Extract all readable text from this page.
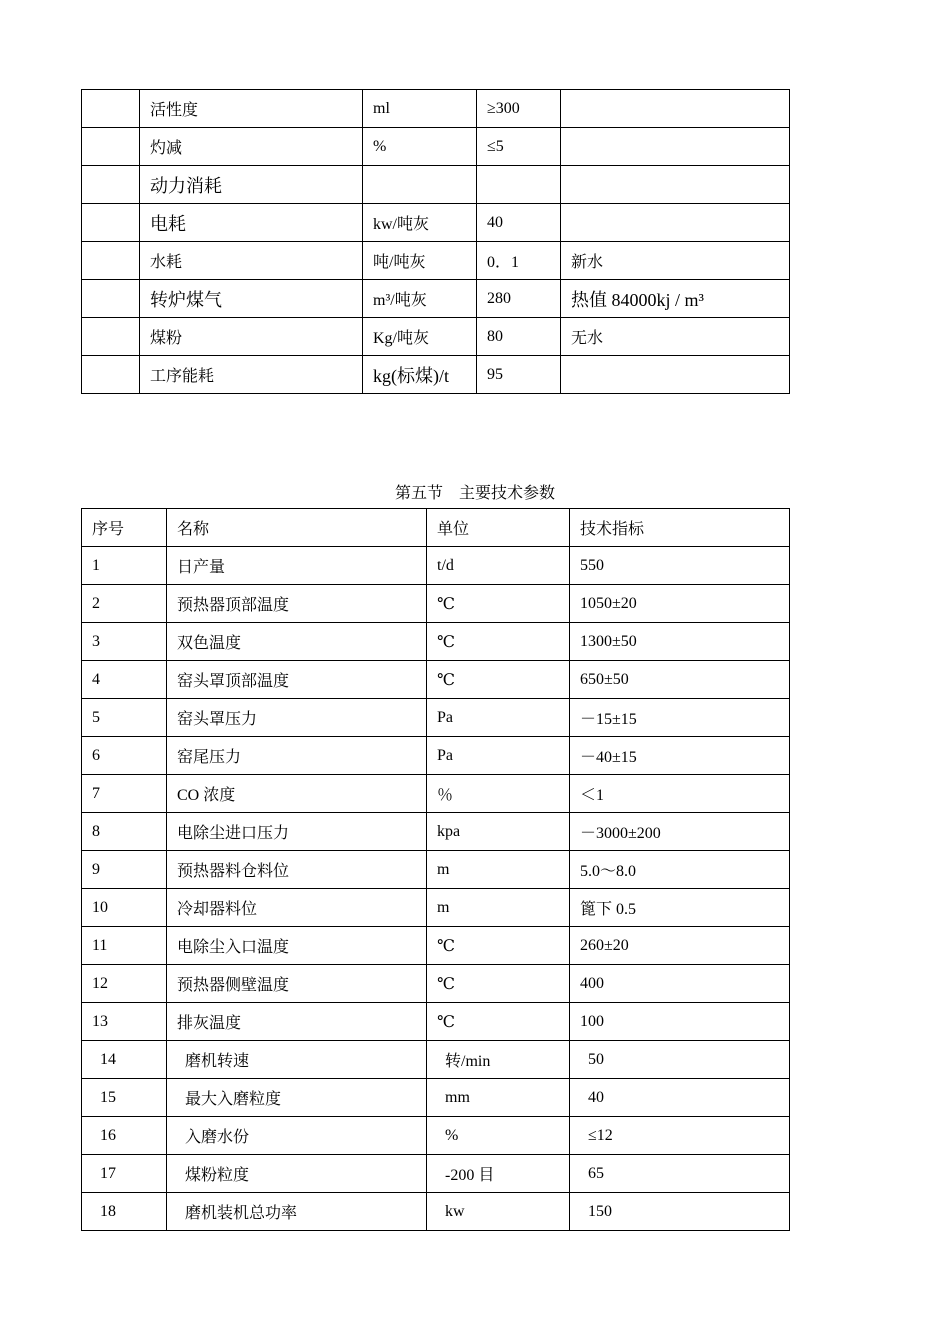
	活性度	ml	≥300	
	灼减	%	≤5	
	动力消耗			
	电耗	kw/吨灰	40	
	水耗	吨/吨灰	0．1	新水
	转炉煤气	m³/吨灰	280	热值 84000kj / m³
	煤粉	Kg/吨灰	80	无水
	工序能耗	kg(标煤)/t	95	
第五节　主要技术参数
序号	名称	单位	技术指标
1	日产量	t/d	550
2	预热器顶部温度	℃	1050±20
3	双色温度	℃	1300±50
4	窑头罩顶部温度	℃	650±50
5	窑头罩压力	Pa	－15±15
6	窑尾压力	Pa	－40±15
7	CO 浓度	％	＜1
8	电除尘进口压力	kpa	－3000±200
9	预热器料仓料位	m	5.0～8.0
10	冷却器料位	m	篦下 0.5
11	电除尘入口温度	℃	260±20
12	预热器侧壁温度	℃	400
13	排灰温度	℃	100
14	磨机转速	转/min	50
15	最大入磨粒度	mm	40
16	入磨水份	%	≤12
17	煤粉粒度	-200 目	65
18	磨机装机总功率	kw	150
